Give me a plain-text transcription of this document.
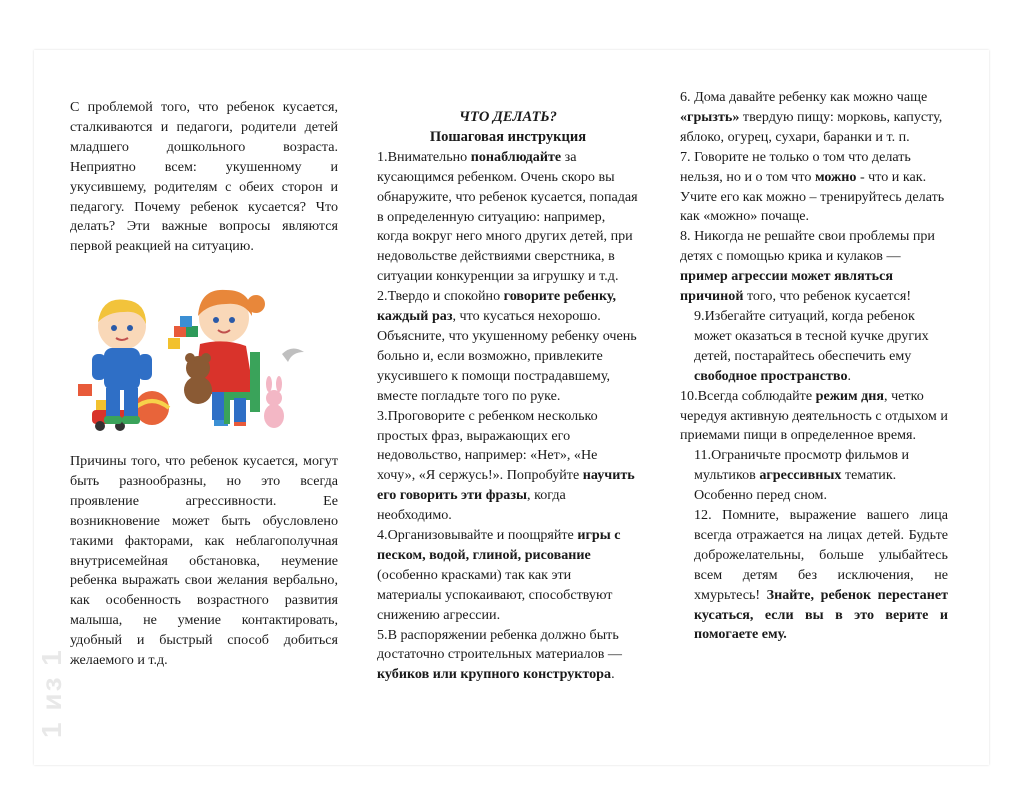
1 из 1

С проблемой того, что ребенок кусается, сталкиваются и педагоги, родители детей младшего дошкольного возраста. Неприятно всем: укушенному и укусившему, родителям с обеих сторон и педагогу. Почему ребенок кусается? Что делать? Эти важные вопросы являются первой реакцией на ситуацию.

Причины того, что ребенок кусается, могут быть разнообразны, но это всегда проявление агрессивности. Ее возникновение может быть обусловлено такими факторами, как неблагополучная внутрисемейная обстановка, неумение ребенка выражать свои желания вербально, как особенность возрастного развития малыша, не умение контактировать, удобный и быстрый способ добиться желаемого и т.д.

ЧТО ДЕЛАТЬ?

Пошаговая инструкция

1.Внимательно понаблюдайте за кусающимся ребенком. Очень скоро вы обнаружите, что ребенок кусается, попадая в определенную ситуацию: например, когда вокруг него много других детей, при недовольстве действиями сверстника, в ситуации конкуренции за игрушку и т.д.

2.Твердо и спокойно говорите ребенку, каждый раз, что кусаться нехорошо. Объясните, что укушенному ребенку очень больно и, если возможно, привлеките укусившего к помощи пострадавшему, вместе погладьте того по руке.

3.Проговорите с ребенком несколько простых фраз, выражающих его недовольство, например: «Нет», «Не хочу», «Я сержусь!». Попробуйте научить его говорить эти фразы, когда необходимо.

4.Организовывайте и поощряйте игры с песком, водой, глиной, рисование (особенно красками) так как эти материалы успокаивают, способствуют снижению агрессии.

5.В распоряжении ребенка должно быть достаточно строительных материалов — кубиков или крупного конструктора.

6. Дома давайте ребенку как можно чаще «грызть» твердую пищу: морковь, капусту, яблоко, огурец, сухари, баранки и т. п.

7. Говорите не только о том что делать нельзя, но и о том что можно - что и как. Учите его как можно – тренируйтесь делать как «можно» почаще.

8. Никогда не решайте свои проблемы при детях с помощью крика и кулаков — пример агрессии может являться причиной того, что ребенок кусается!

9.Избегайте ситуаций, когда ребенок может оказаться в тесной кучке других детей, постарайтесь обеспечить ему свободное пространство.

10.Всегда соблюдайте режим дня, четко чередуя активную деятельность с отдыхом и приемами пищи в определенное время.

11.Ограничьте просмотр фильмов и мультиков агрессивных тематик. Особенно перед сном.

12. Помните, выражение вашего лица всегда отражается на лицах детей. Будьте доброжелательны, больше улыбайтесь всем детям без исключения, не хмурьтесь! Знайте, ребенок перестанет кусаться, если вы в это верите и помогаете ему.
